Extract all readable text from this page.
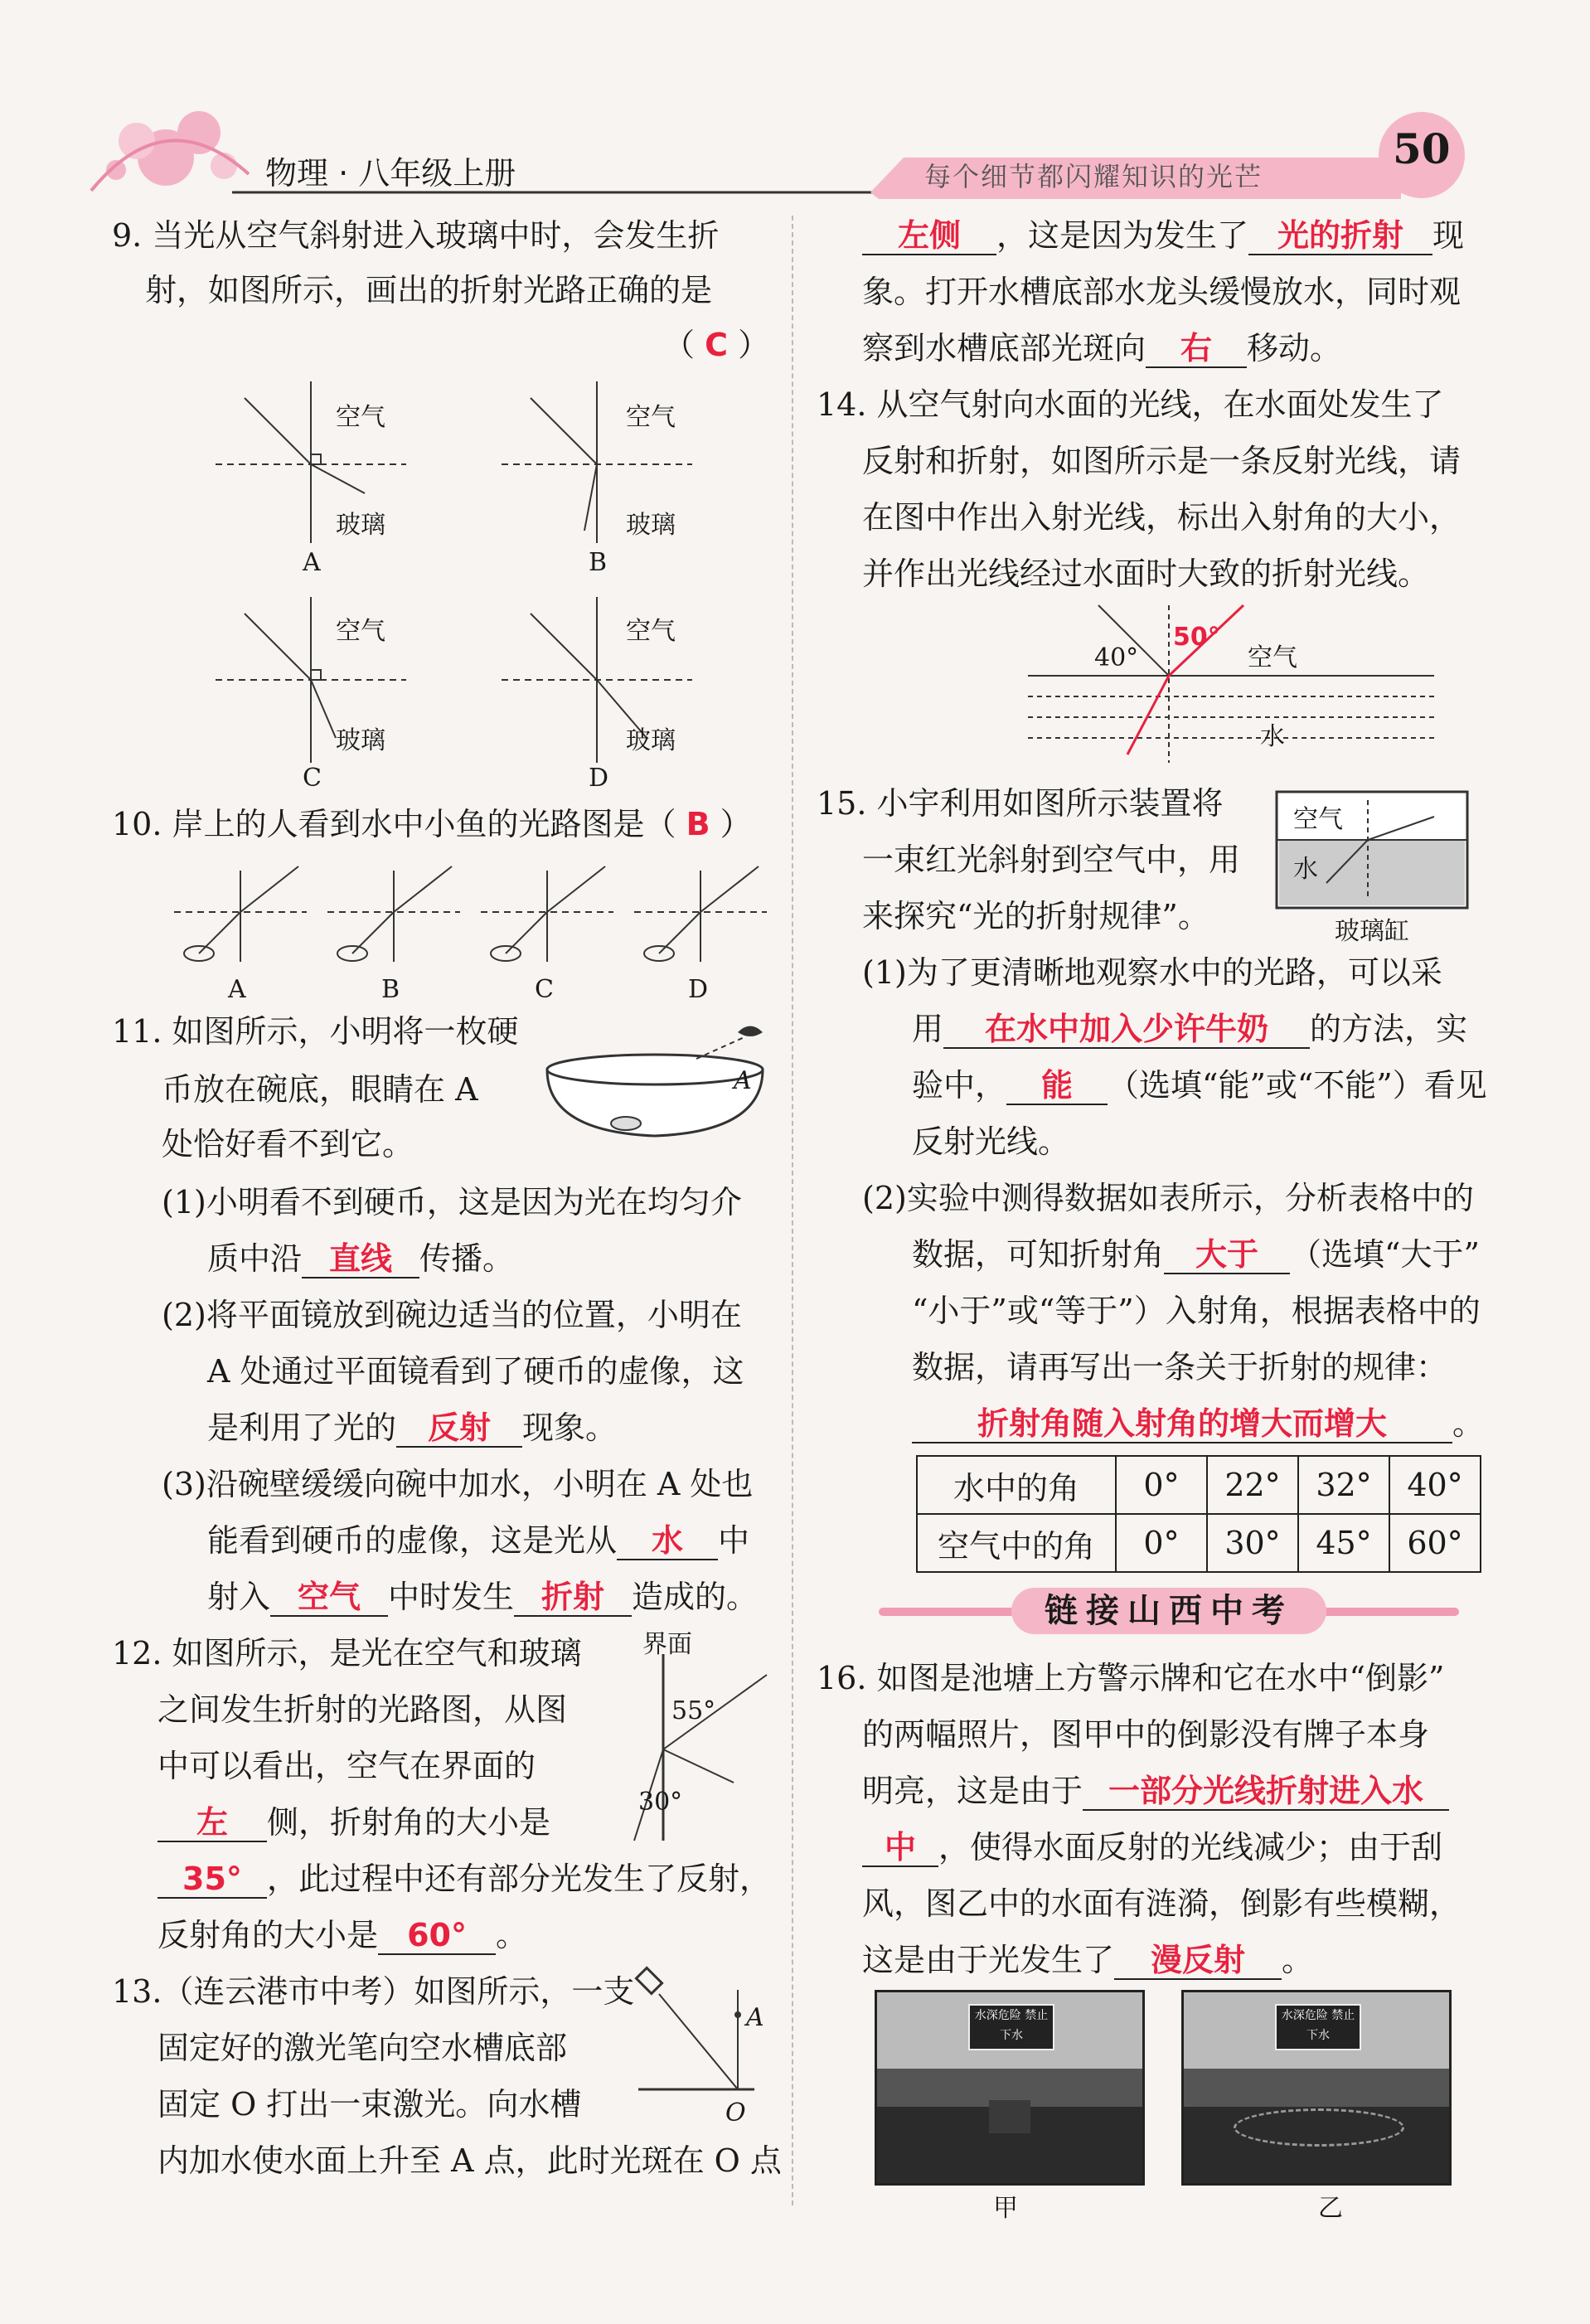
物理 · 八年级上册	每个细节都闪耀知识的光芒
50
9. 当光从空气斜射进入玻璃中时，会发生折
射，如图所示，画出的折射光路正确的是
（ C ）
空气
玻璃
空气
玻璃
空气
玻璃
空气
玻璃
A	B
C	D
10. 岸上的人看到水中小鱼的光路图是（ B ）
A	B	C	D
11. 如图所示，小明将一枚硬
币放在碗底，眼睛在 A
处恰好看不到它。
A
(1)小明看不到硬币，这是因为光在均匀介
质中沿 直线 传播。
(2)将平面镜放到碗边适当的位置，小明在
A 处通过平面镜看到了硬币的虚像，这
是利用了光的 反射 现象。
(3)沿碗壁缓缓向碗中加水，小明在 A 处也
能看到硬币的虚像，这是光从 水 中
射入 空气 中时发生 折射 造成的。
12. 如图所示，是光在空气和玻璃
之间发生折射的光路图，从图
中可以看出，空气在界面的
左 侧，折射角的大小是
35° ，此过程中还有部分光发生了反射，
反射角的大小是 60° 。
界面
55°
30°
13.（连云港市中考）如图所示，一支
固定好的激光笔向空水槽底部
固定 O 打出一束激光。向水槽
内加水使水面上升至 A 点，此时光斑在 O 点
A
O
左侧 ，这是因为发生了 光的折射 现
象。打开水槽底部水龙头缓慢放水，同时观
察到水槽底部光斑向 右 移动。
14. 从空气射向水面的光线，在水面处发生了
反射和折射，如图所示是一条反射光线，请
在图中作出入射光线，标出入射角的大小，
并作出光线经过水面时大致的折射光线。
40°
50°
空气
水
15. 小宇利用如图所示装置将
一束红光斜射到空气中，用
来探究“光的折射规律”。
空气
水
玻璃缸
(1)为了更清晰地观察水中的光路，可以采
用 在水中加入少许牛奶 的方法，实
验中， 能 （选填“能”或“不能”）看见
反射光线。
(2)实验中测得数据如表所示，分析表格中的
数据，可知折射角 大于 （选填“大于”
“小于”或“等于”）入射角，根据表格中的
数据，请再写出一条关于折射的规律：
折射角随入射角的增大而增大 。
水中的角	0°	22°	32°	40°
空气中的角	0°	30°	45°	60°
链接山西中考
16. 如图是池塘上方警示牌和它在水中“倒影”
的两幅照片，图甲中的倒影没有牌子本身
明亮，这是由于 一部分光线折射进入水
中 ，使得水面反射的光线减少；由于刮
风，图乙中的水面有涟漪，倒影有些模糊，
这是由于光发生了 漫反射 。
水深危险 禁止下水
水深危险 禁止下水
甲	乙
